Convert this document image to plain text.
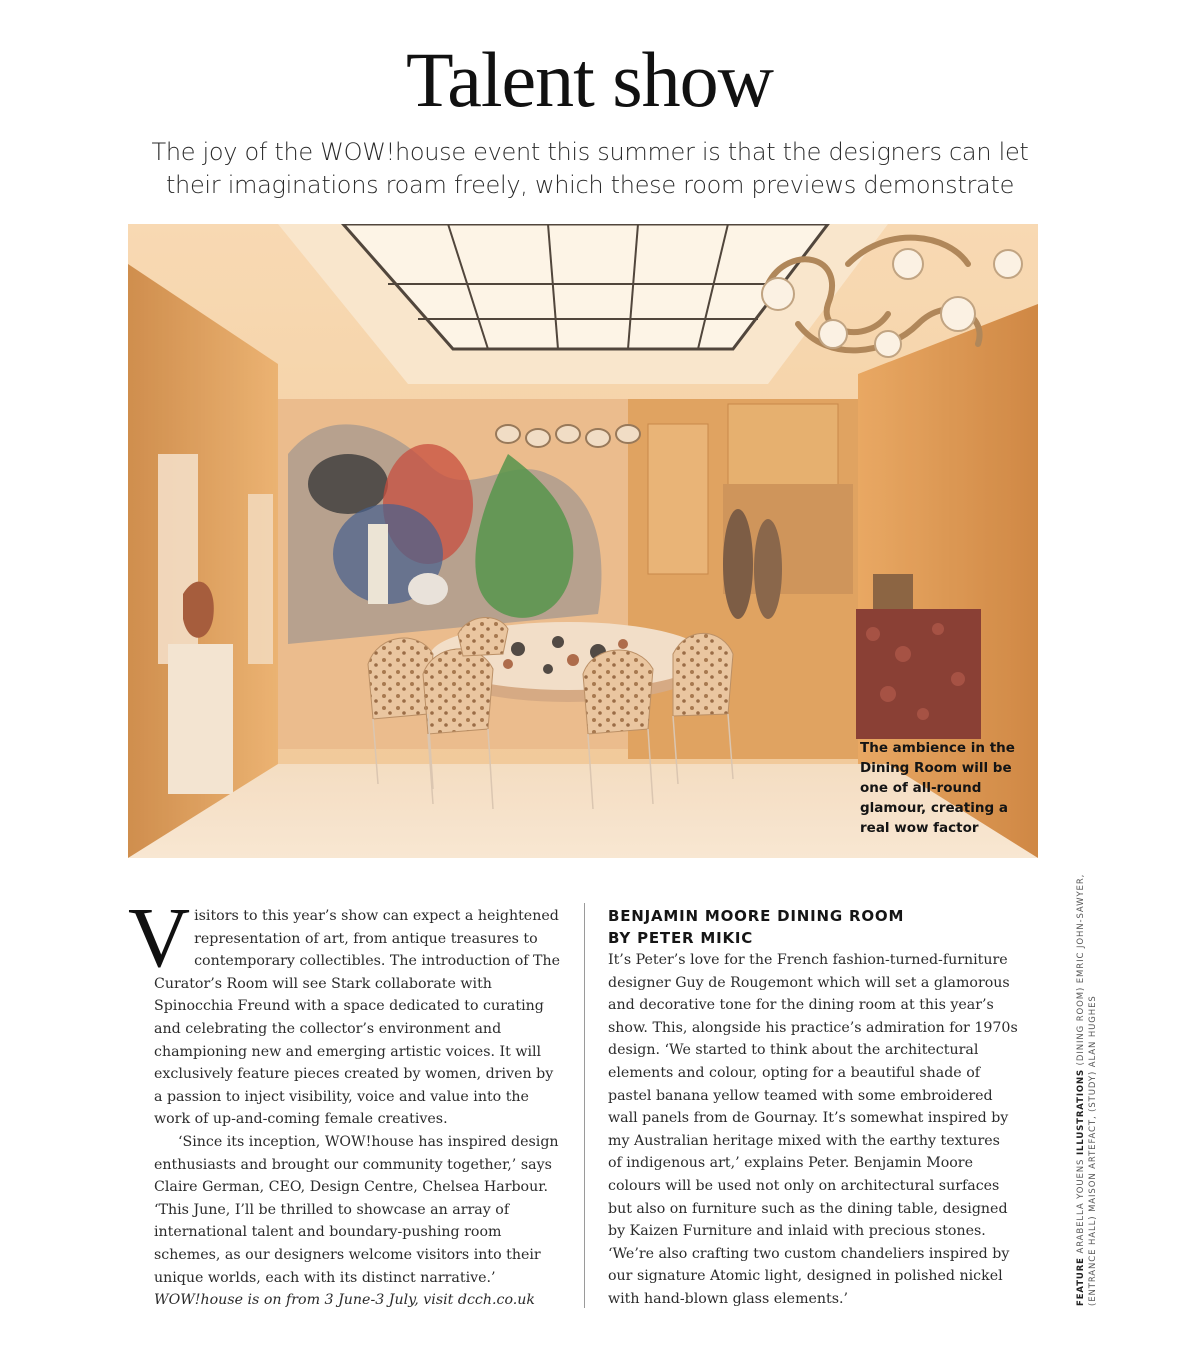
Talent show

The joy of the WOW!house event this summer is that the designers can let their imaginations roam freely, which these room previews demonstrate

The ambience in the Dining Room will be one of all-round glamour, creating a real wow factor

Visitors to this year’s show can expect a heightened representation of art, from antique treasures to contemporary collectibles. The introduction of The Curator’s Room will see Stark collaborate with Spinocchia Freund with a space dedicated to curating and celebrating the collector’s environment and championing new and emerging artistic voices. It will exclusively feature pieces created by women, driven by a passion to inject visibility, voice and value into the work of up-and-coming female creatives.

‘Since its inception, WOW!house has inspired design enthusiasts and brought our community together,’ says Claire German, CEO, Design Centre, Chelsea Harbour. ‘This June, I’ll be thrilled to showcase an array of international talent and boundary-pushing room schemes, as our designers welcome visitors into their unique worlds, each with its distinct narrative.’

WOW!house is on from 3 June-3 July, visit dcch.co.uk

BENJAMIN MOORE DINING ROOM
BY PETER MIKIC

It’s Peter’s love for the French fashion-turned-furniture designer Guy de Rougemont which will set a glamorous and decorative tone for the dining room at this year’s show. This, alongside his practice’s admiration for 1970s design. ‘We started to think about the architectural elements and colour, opting for a beautiful shade of pastel banana yellow teamed with some embroidered wall panels from de Gournay. It’s somewhat inspired by my Australian heritage mixed with the earthy textures of indigenous art,’ explains Peter. Benjamin Moore colours will be used not only on architectural surfaces but also on furniture such as the dining table, designed by Kaizen Furniture and inlaid with precious stones. ‘We’re also crafting two custom chandeliers inspired by our signature Atomic light, designed in polished nickel with hand-blown glass elements.’	FEATURE ARABELLA YOUENS ILLUSTRATIONS (DINING ROOM) EMRIC JOHN-SAWYER,
(ENTRANCE HALL) MAISON ARTEFACT, (STUDY) ALAN HUGHES
